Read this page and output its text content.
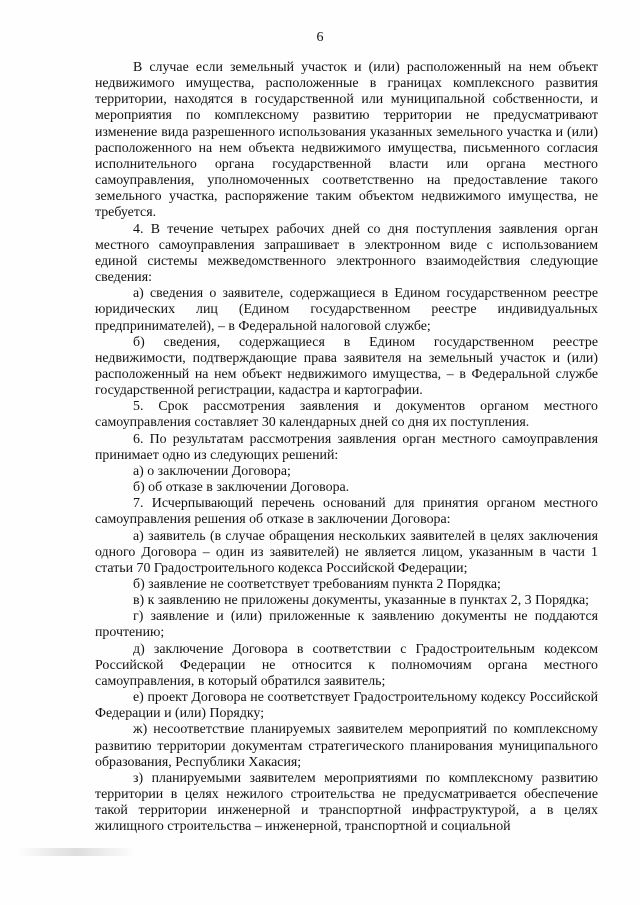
6

В случае если земельный участок и (или) расположенный на нем объект недвижимого имущества, расположенные в границах комплексного развития территории, находятся в государственной или муниципальной собственности, и мероприятия по комплексному развитию территории не предусматривают изменение вида разрешенного использования указанных земельного участка и (или) расположенного на нем объекта недвижимого имущества, письменного согласия исполнительного органа государственной власти или органа местного самоуправления, уполномоченных соответственно на предоставление такого земельного участка, распоряжение таким объектом недвижимого имущества, не требуется.

4. В течение четырех рабочих дней со дня поступления заявления орган местного самоуправления запрашивает в электронном виде с использованием единой системы межведомственного электронного взаимодействия следующие сведения:

а) сведения о заявителе, содержащиеся в Едином государственном реестре юридических лиц (Едином государственном реестре индивидуальных предпринимателей), – в Федеральной налоговой службе;

б) сведения, содержащиеся в Едином государственном реестре недвижимости, подтверждающие права заявителя на земельный участок и (или) расположенный на нем объект недвижимого имущества, – в Федеральной службе государственной регистрации, кадастра и картографии.

5. Срок рассмотрения заявления и документов органом местного самоуправления составляет 30 календарных дней со дня их поступления.

6. По результатам рассмотрения заявления орган местного самоуправления принимает одно из следующих решений:

а) о заключении Договора;

б) об отказе в заключении Договора.

7. Исчерпывающий перечень оснований для принятия органом местного самоуправления решения об отказе в заключении Договора:

а) заявитель (в случае обращения нескольких заявителей в целях заключения одного Договора – один из заявителей) не является лицом, указанным в части 1 статьи 70 Градостроительного кодекса Российской Федерации;

б) заявление не соответствует требованиям пункта 2 Порядка;

в) к заявлению не приложены документы, указанные в пунктах 2, 3 Порядка;

г) заявление и (или) приложенные к заявлению документы не поддаются прочтению;

д) заключение Договора в соответствии с Градостроительным кодексом Российской Федерации не относится к полномочиям органа местного самоуправления, в который обратился заявитель;

е) проект Договора не соответствует Градостроительному кодексу Российской Федерации и (или) Порядку;

ж) несоответствие планируемых заявителем мероприятий по комплексному развитию территории документам стратегического планирования муниципального образования, Республики Хакасия;

з) планируемыми заявителем мероприятиями по комплексному развитию территории в целях нежилого строительства не предусматривается обеспечение такой территории инженерной и транспортной инфраструктурой, а в целях жилищного строительства – инженерной, транспортной и социальной
